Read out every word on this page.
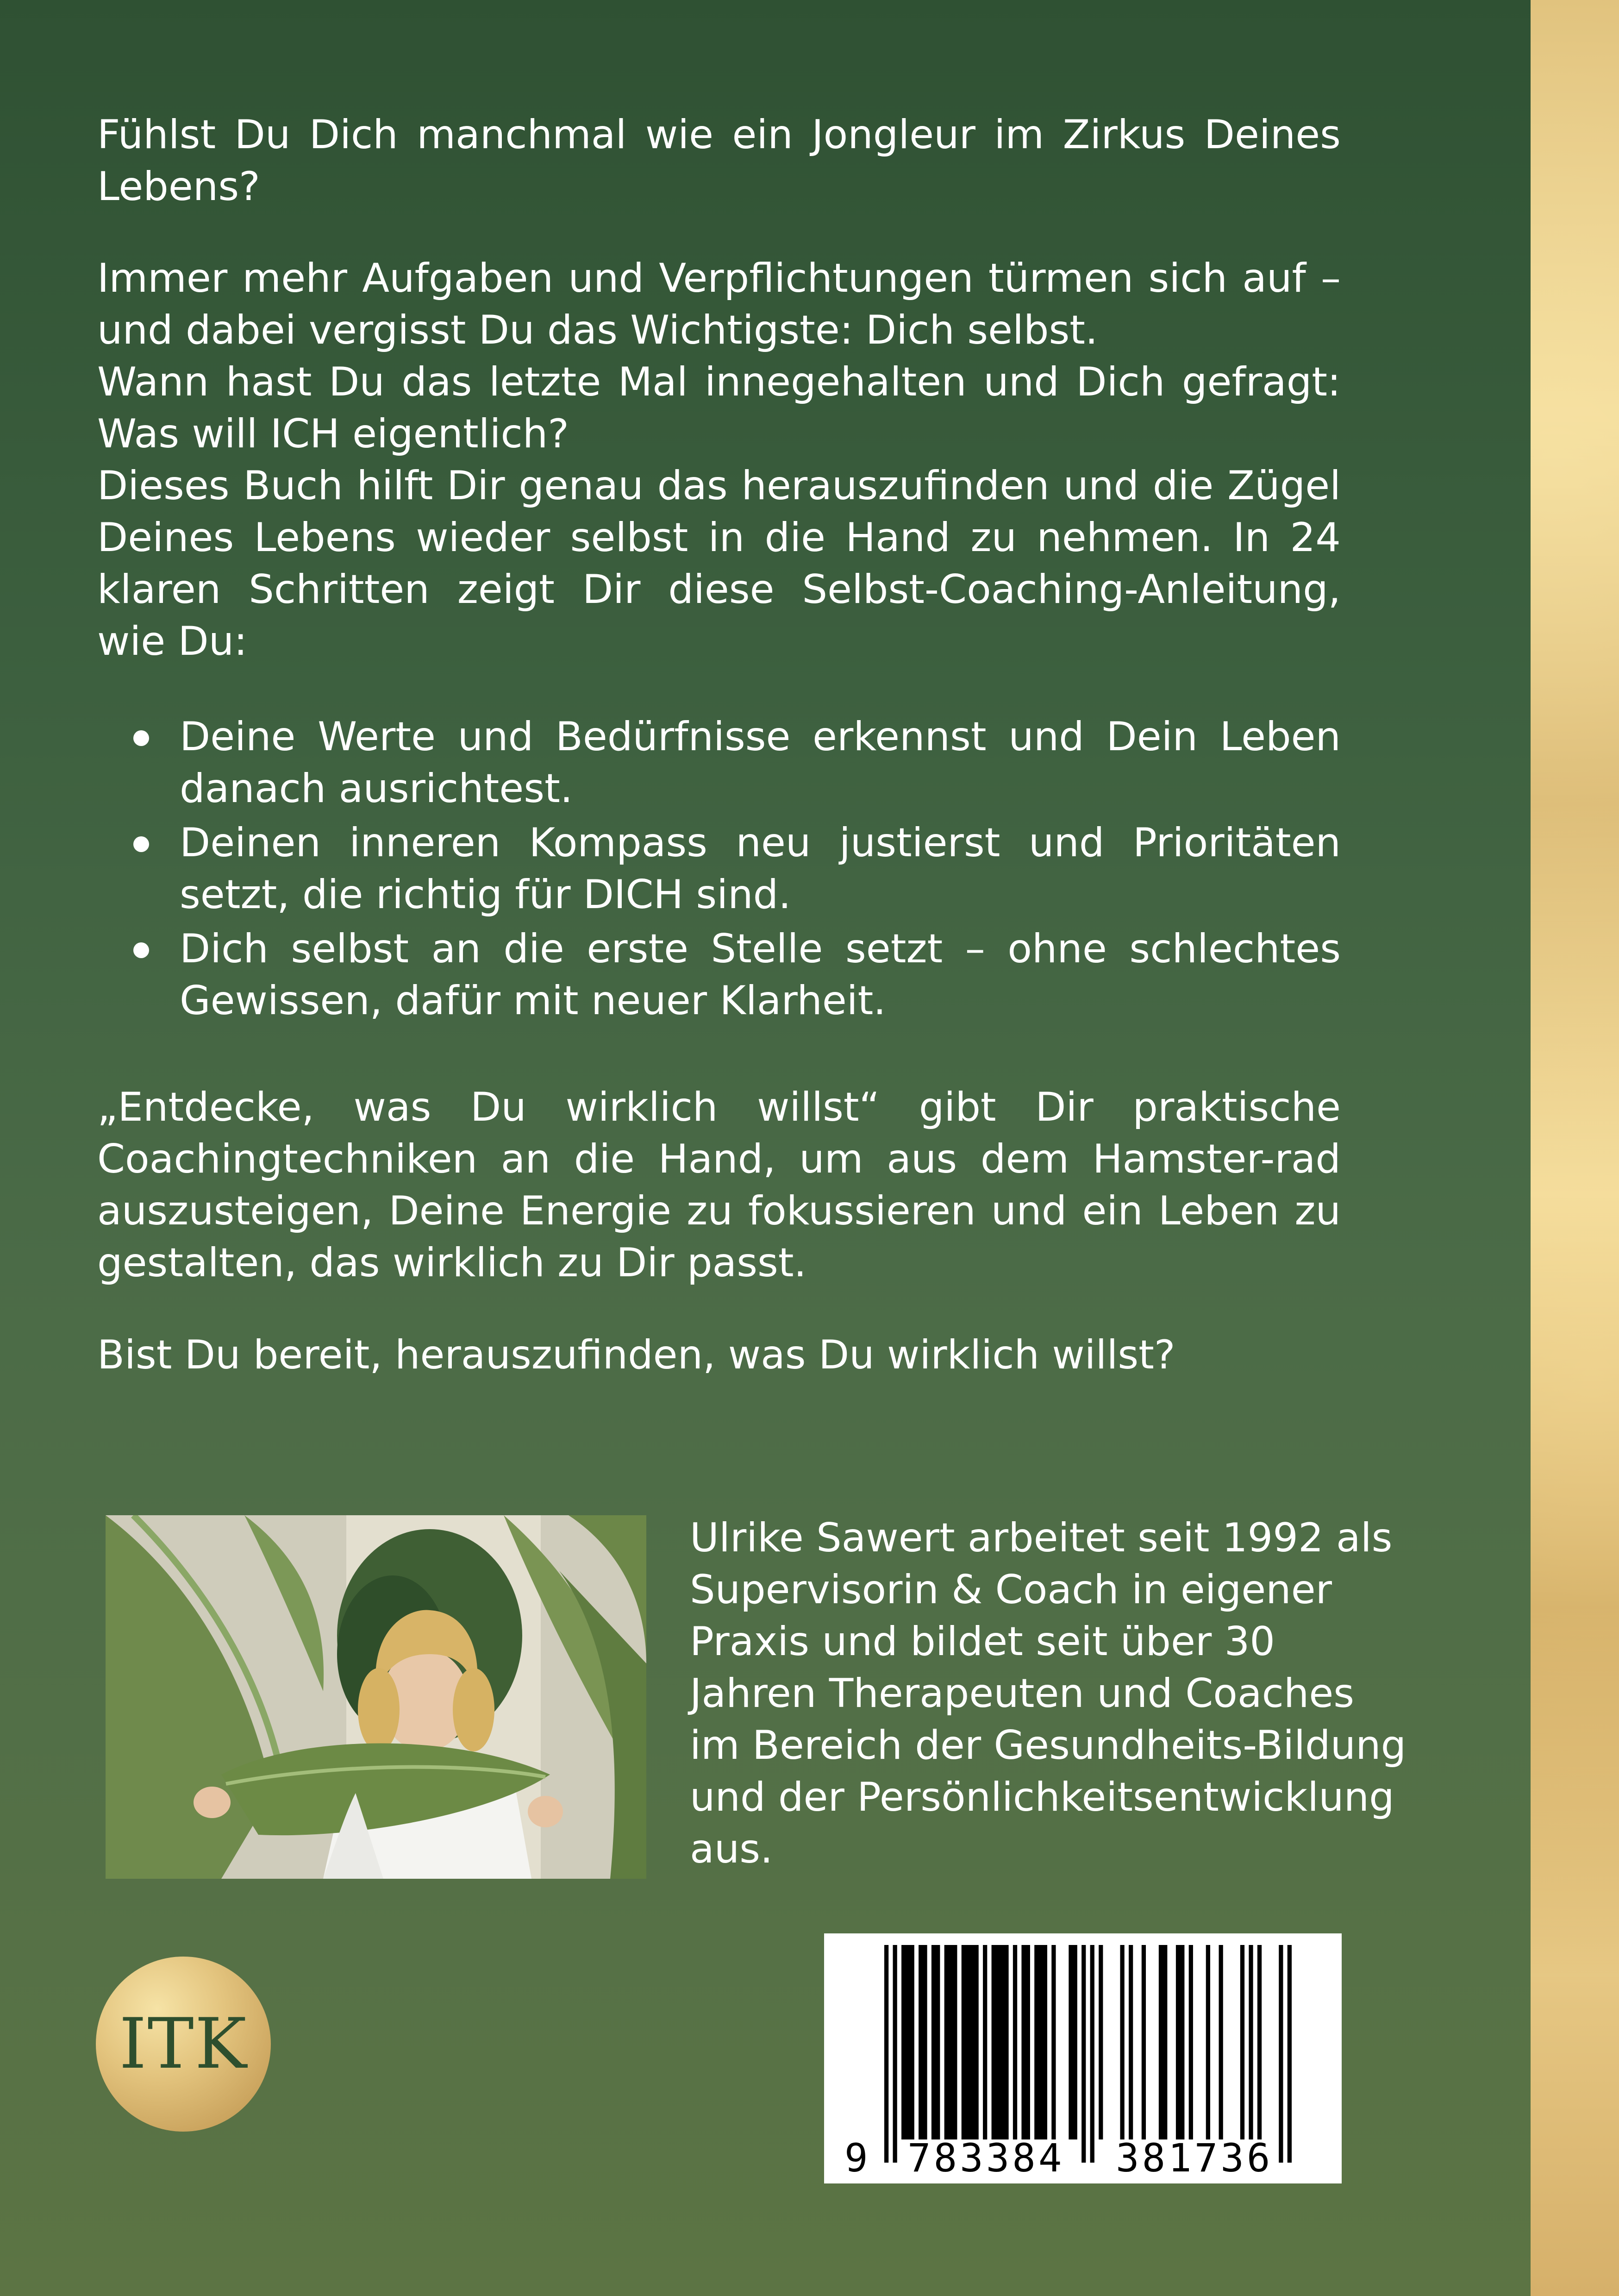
Fühlst Du Dich manchmal wie ein Jongleur im Zirkus Deines Lebens?

Immer mehr Aufgaben und Verpflichtungen türmen sich auf – und dabei vergisst Du das Wichtigste: Dich selbst.

Wann hast Du das letzte Mal innegehalten und Dich gefragt: Was will ICH eigentlich?

Dieses Buch hilft Dir genau das herauszufinden und die Zügel Deines Lebens wieder selbst in die Hand zu nehmen. In 24 klaren Schritten zeigt Dir diese Selbst-Coaching-Anleitung, wie Du:

Deine Werte und Bedürfnisse erkennst und Dein Leben danach ausrichtest.
Deinen inneren Kompass neu justierst und Prioritäten setzt, die richtig für DICH sind.
Dich selbst an die erste Stelle setzt – ohne schlechtes Gewissen, dafür mit neuer Klarheit.

„Entdecke, was Du wirklich willst“ gibt Dir praktische Coachingtechniken an die Hand, um aus dem Hamster-rad auszusteigen, Deine Energie zu fokussieren und ein Leben zu gestalten, das wirklich zu Dir passt.

Bist Du bereit, herauszufinden, was Du wirklich willst?

Ulrike Sawert arbeitet seit 1992 als Supervisorin & Coach in eigener Praxis und bildet seit über 30 Jahren Therapeuten und Coaches im Bereich der Gesundheits-Bildung und der Persönlichkeitsentwicklung aus.
ITK
9 783384 381736
